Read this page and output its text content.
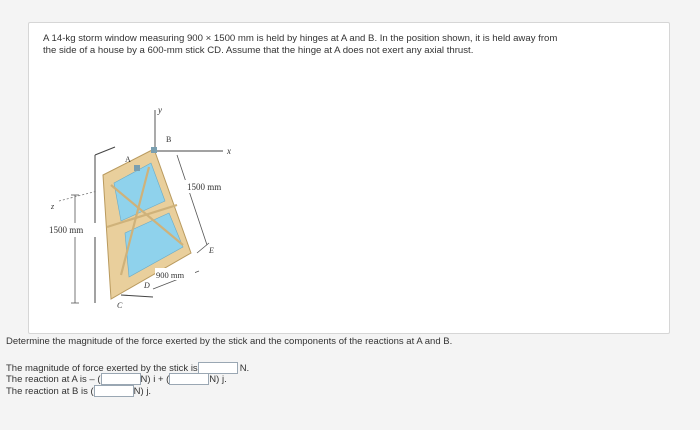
A 14-kg storm window measuring 900 × 1500 mm is held by hinges at A and B. In the position shown, it is held away from
the side of a house by a 600-mm stick CD. Assume that the hinge at A does not exert any axial thrust.
1500 mm
z
y
x
A
B
1500 mm
C
D
900 mm
E
Determine the magnitude of the force exerted by the stick and the components of the reactions at A and B.
The magnitude of force exerted by the stick is	N.
The reaction at A is – (	N) i + (	N) j.
The reaction at B is (	N) j.
